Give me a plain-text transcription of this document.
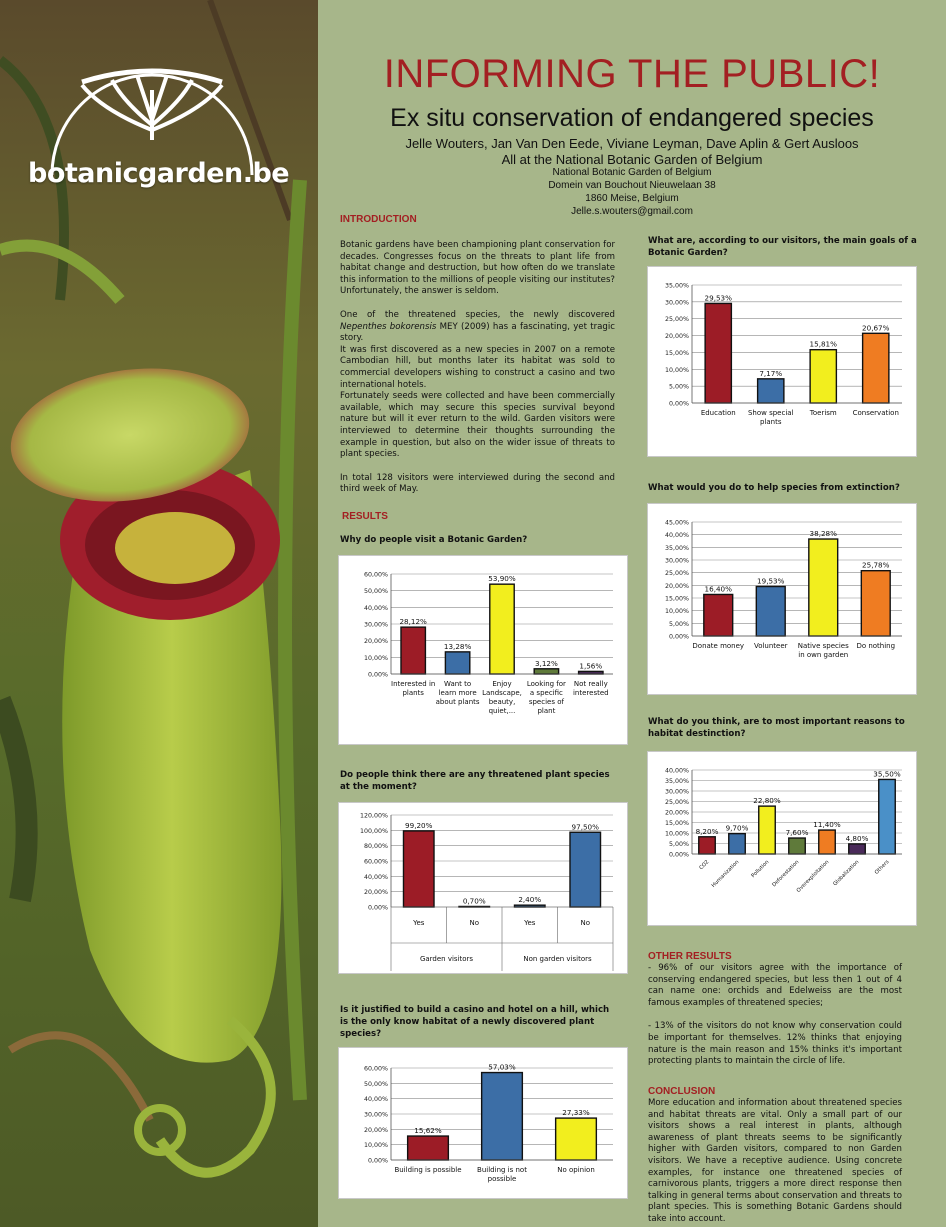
botanicgarden.be
INFORMING THE PUBLIC!
Ex situ conservation of endangered species
Jelle Wouters, Jan Van Den Eede, Viviane Leyman, Dave Aplin & Gert Ausloos
All at the National Botanic Garden of Belgium
National Botanic Garden of Belgium
Domein van Bouchout Nieuwelaan 38
1860 Meise, Belgium
Jelle.s.wouters@gmail.com
INTRODUCTION

Botanic gardens have been championing plant conservation for decades. Congresses focus on the threats to plant life from habitat change and destruction, but how often do we translate this information to the millions of people visiting our institutes? Unfortunately, the answer is seldom.

One of the threatened species, the newly discovered Nepenthes bokorensis MEY (2009) has a fascinating, yet tragic story.

It was first discovered as a new species in 2007 on a remote Cambodian hill, but months later its habitat was sold to commercial developers wishing to construct a casino and two international hotels.

Fortunately seeds were collected and have been commercially available, which may secure this species survival beyond nature but will it ever return to the wild. Garden visitors were interviewed to determine their thoughts surrounding the example in question, but also on the wider issue of threats to plant species.

In total 128 visitors were interviewed during the second and third week of May.

RESULTS
Why do people visit a Botanic Garden?
0,00%
10,00%
20,00%
30,00%
40,00%
50,00%
60,00%
28,12%
Interested in
plants
13,28%
Want to
learn more
about plants
53,90%
Enjoy
Landscape,
beauty,
quiet,...
3,12%
Looking for
a specific
species of
plant
1,56%
Not really
interested
Do people think there are any threatened plant species at the moment?
0,00%
20,00%
40,00%
60,00%
80,00%
100,00%
120,00%
99,20%
Yes
0,70%
No
2,40%
Yes
97,50%
No
Garden visitors	Non garden visitors
Is it justified to build a casino and hotel on a hill, which is the only know habitat of a newly discovered plant species?
0,00%
10,00%
20,00%
30,00%
40,00%
50,00%
60,00%
15,62%
Building is possible
57,03%
Building is not
possible
27,33%
No opinion
What are, according to our visitors, the main goals of a Botanic Garden?
0,00%
5,00%
10,00%
15,00%
20,00%
25,00%
30,00%
35,00%
29,53%
Education
7,17%
Show special
plants
15,81%
Toerism
20,67%
Conservation
What would you do to help species from extinction?
0,00%
5,00%
10,00%
15,00%
20,00%
25,00%
30,00%
35,00%
40,00%
45,00%
16,40%
Donate money
19,53%
Volunteer
38,28%
Native species
in own garden
25,78%
Do nothing
What do you think, are to most important reasons to habitat destinction?
0,00%
5,00%
10,00%
15,00%
20,00%
25,00%
30,00%
35,00%
40,00%
8,20%
CO2
9,70%
Humanization
22,80%
Pollution
7,60%
Deforestation
11,40%
Overexploitation
4,80%
Globalization
35,50%
Others
OTHER RESULTS

- 96% of our visitors agree with the importance of conserving endangered species, but less then 1 out of 4 can name one: orchids and Edelweiss are the most famous examples of threatened species;

- 13% of the visitors do not know why conservation could be important for themselves. 12% thinks that enjoying nature is the main reason and 15% thinks it's important protecting plants to maintain the circle of life.

CONCLUSION

More education and information about threatened species and habitat threats are vital. Only a small part of our visitors shows a real interest in plants, although awareness of plant threats seems to be significantly higher with Garden visitors, compared to non Garden visitors. We have a receptive audience. Using concrete examples, for instance one threatened species of carnivorous plants, triggers a more direct response then talking in general terms about conservation and threats to plant species. This is something Botanic Gardens should take into account.
